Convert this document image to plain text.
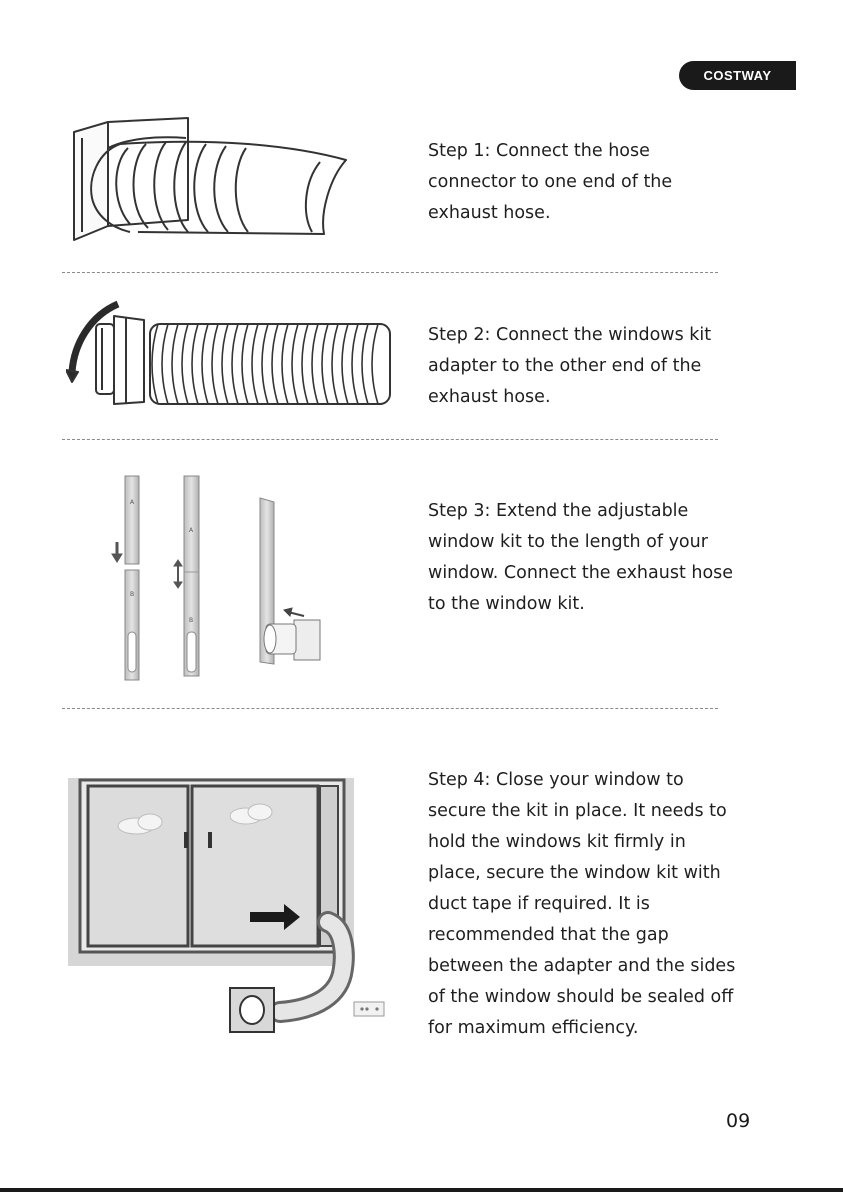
COSTWAY

Step 1: Connect the hose connector to one end of the exhaust hose.

Step 2: Connect the windows kit adapter to the other end of the exhaust hose.

A
B
A
B

Step 3: Extend the adjustable window kit to the length of your window. Connect the exhaust hose to the window kit.

Step 4: Close your window to secure the kit in place. It needs to hold the windows kit firmly in place, secure the window kit with duct tape if required. It is recommended that the gap between the adapter and the sides of the window should be sealed off for maximum efficiency.

09
